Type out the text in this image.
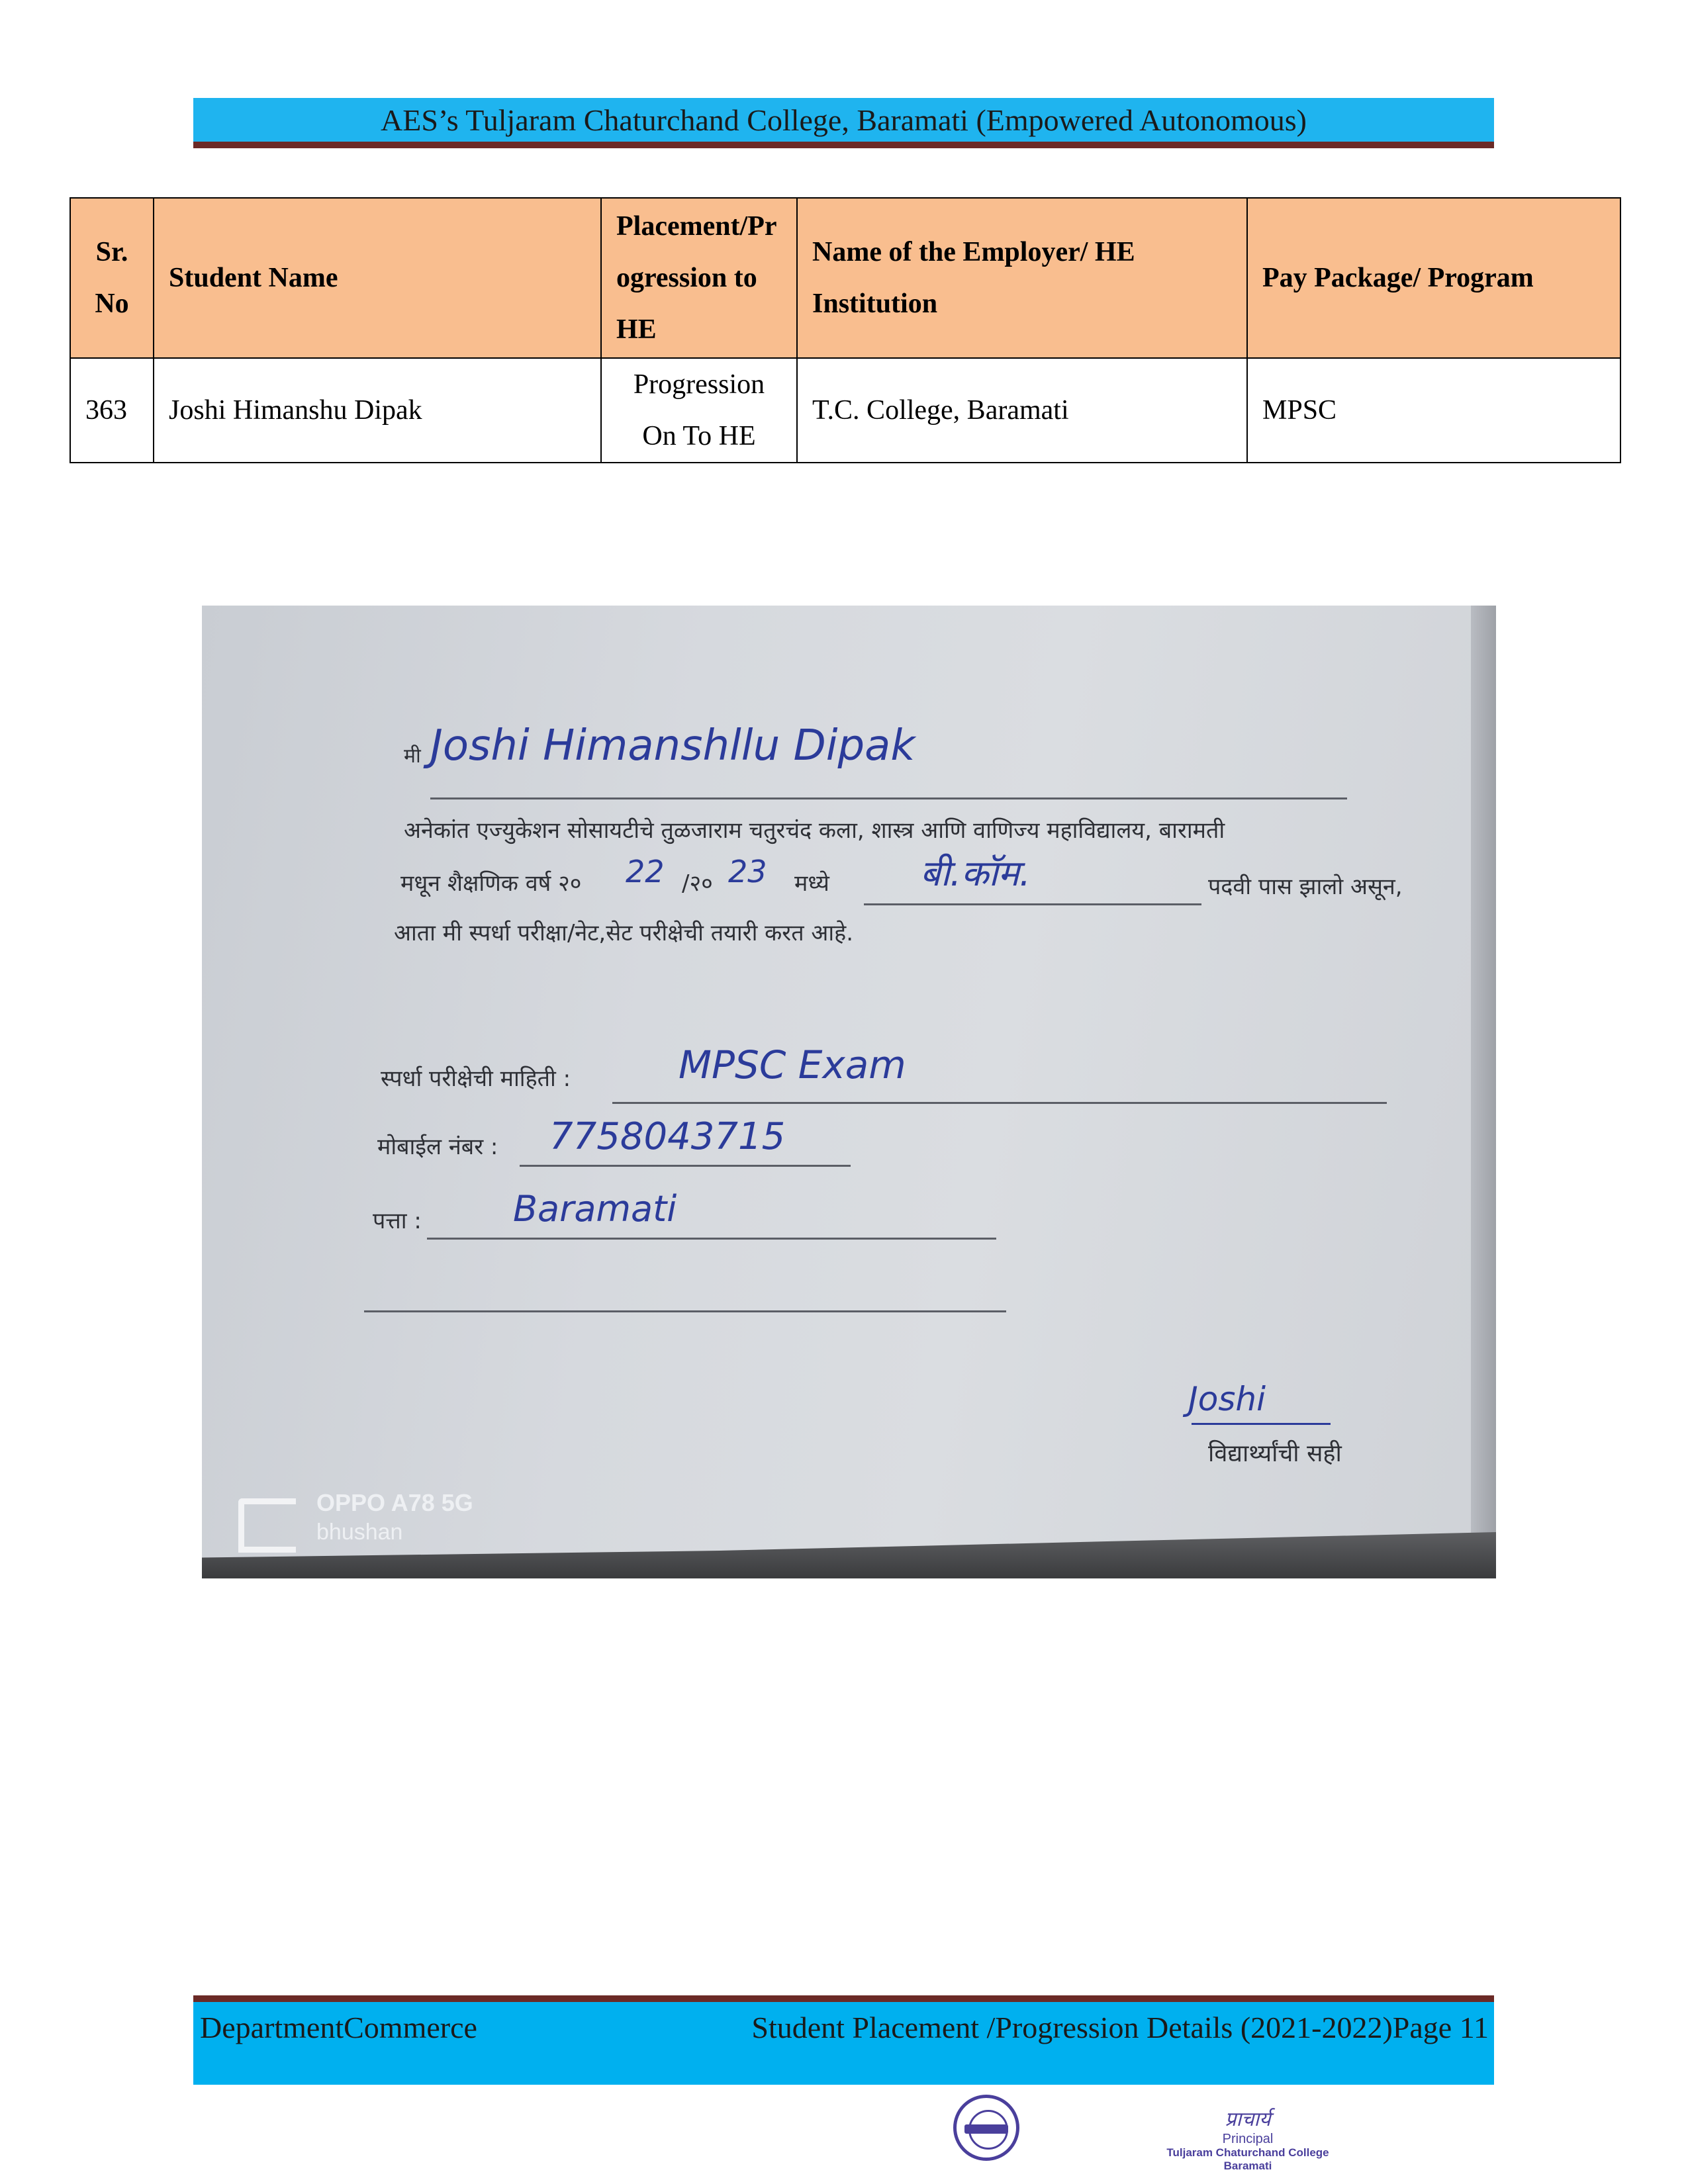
AES’s Tuljaram Chaturchand College, Baramati (Empowered Autonomous)
Sr. No	Student Name	Placement/Progression to HE	Name of the Employer/ HE Institution	Pay Package/ Program
363	Joshi Himanshu Dipak	Progression On To HE	T.C. College, Baramati	MPSC
मी Joshi Himanshllu Dipak
अनेकांत एज्युकेशन सोसायटीचे तुळजाराम चतुरचंद कला, शास्त्र आणि वाणिज्य महाविद्यालय, बारामती
मधून शैक्षणिक वर्ष २० 22 /२० 23 मध्ये	बी.कॉम.	पदवी पास झालो असून,
आता मी स्पर्धा परीक्षा/नेट,सेट परीक्षेची तयारी करत आहे.
स्पर्धा परीक्षेची माहिती :	MPSC Exam
मोबाईल नंबर : 7758043715
पत्ता :	Baramati
Joshi
विद्यार्थ्यांची सही
OPPO A78 5G
bhushan
DepartmentCommerce	Student Placement /Progression Details (2021-2022)Page 11
प्राचार्य
Principal
Tuljaram Chaturchand College
Baramati
